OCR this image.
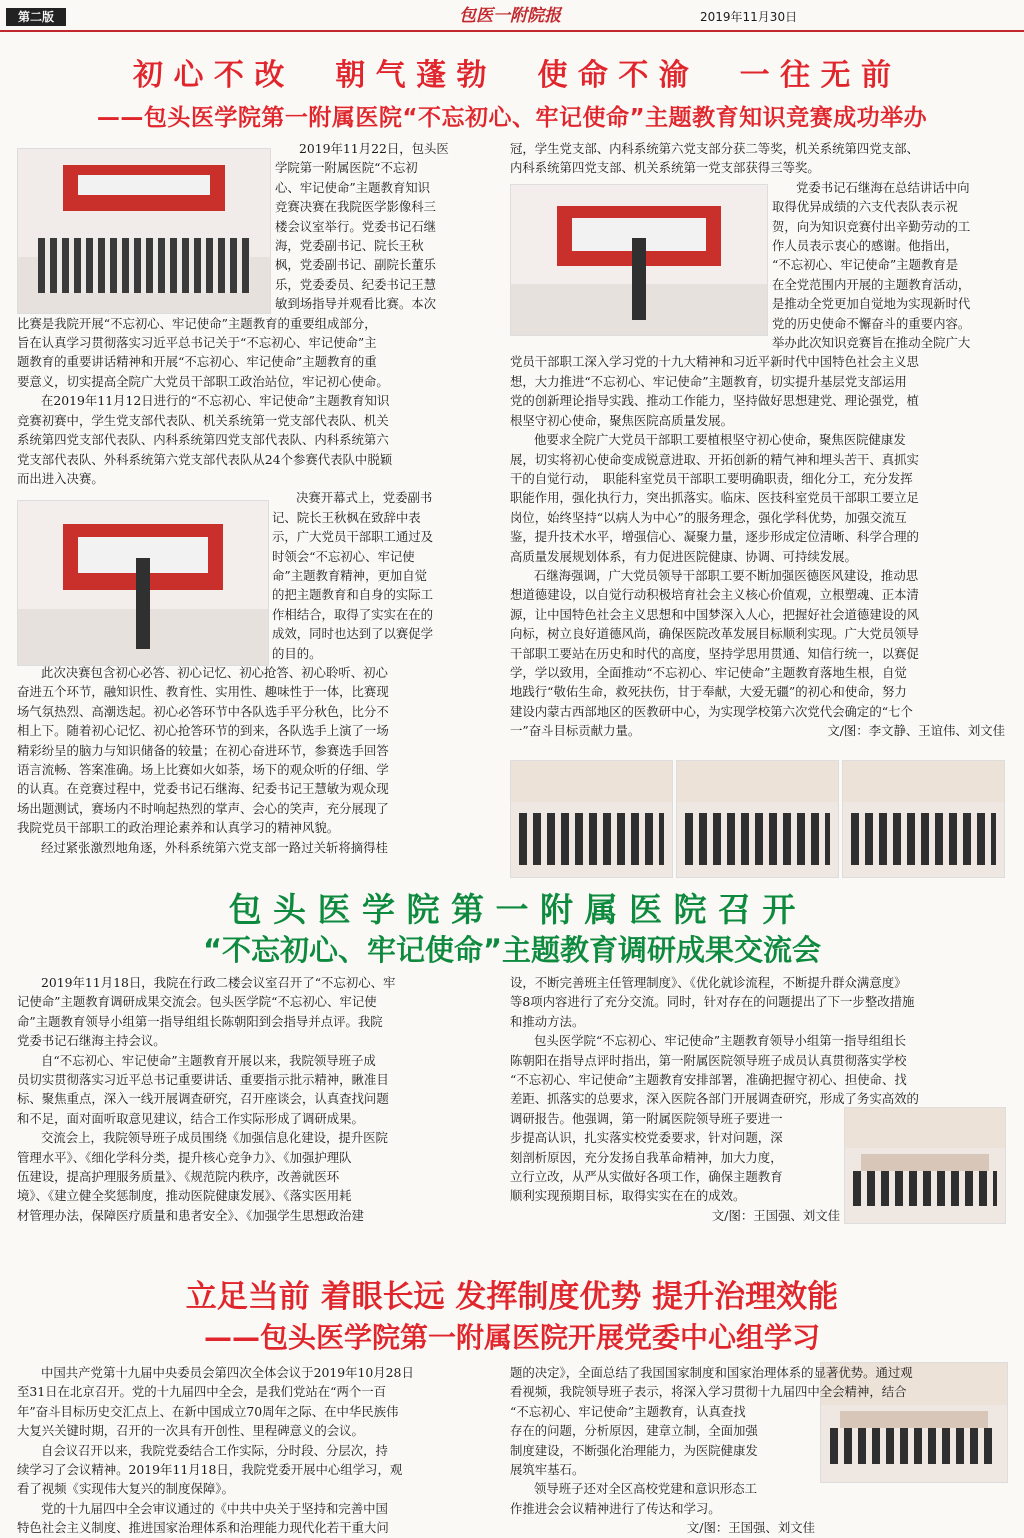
第二版	包医一附院报	2019年11月30日
初 心 不 改 　 朝 气 蓬 勃 　 使 命 不 渝 　 一 往 无 前
——包头医学院第一附属医院“不忘初心、牢记使命”主题教育知识竞赛成功举办

2019年11月22日，包头医

学院第一附属医院“不忘初

心、牢记使命”主题教育知识

竞赛决赛在我院医学影像科三

楼会议室举行。党委书记石继

海，党委副书记、院长王秋

枫，党委副书记、副院长董乐

乐，党委委员、纪委书记王慧

敏到场指导并观看比赛。本次

比赛是我院开展“不忘初心、牢记使命”主题教育的重要组成部分，

旨在认真学习贯彻落实习近平总书记关于“不忘初心、牢记使命”主

题教育的重要讲话精神和开展“不忘初心、牢记使命”主题教育的重

要意义，切实提高全院广大党员干部职工政治站位，牢记初心使命。

在2019年11月12日进行的“不忘初心、牢记使命”主题教育知识

竞赛初赛中，学生党支部代表队、机关系统第一党支部代表队、机关

系统第四党支部代表队、内科系统第四党支部代表队、内科系统第六

党支部代表队、外科系统第六党支部代表队从24个参赛代表队中脱颖

而出进入决赛。

决赛开幕式上，党委副书

记、院长王秋枫在致辞中表

示，广大党员干部职工通过及

时领会“不忘初心、牢记使

命”主题教育精神，更加自觉

的把主题教育和自身的实际工

作相结合，取得了实实在在的

成效，同时也达到了以赛促学

的目的。

此次决赛包含初心必答、初心记忆、初心抢答、初心聆听、初心

奋进五个环节，融知识性、教育性、实用性、趣味性于一体，比赛现

场气氛热烈、高潮迭起。初心必答环节中各队选手平分秋色，比分不

相上下。随着初心记忆、初心抢答环节的到来，各队选手上演了一场

精彩纷呈的脑力与知识储备的较量；在初心奋进环节，参赛选手回答

语言流畅、答案准确。场上比赛如火如荼，场下的观众听的仔细、学

的认真。在竞赛过程中，党委书记石继海、纪委书记王慧敏为观众现

场出题测试，赛场内不时响起热烈的掌声、会心的笑声，充分展现了

我院党员干部职工的政治理论素养和认真学习的精神风貌。

经过紧张激烈地角逐，外科系统第六党支部一路过关斩将摘得桂

冠，学生党支部、内科系统第六党支部分获二等奖，机关系统第四党支部、

内科系统第四党支部、机关系统第一党支部获得三等奖。

党委书记石继海在总结讲话中向

取得优异成绩的六支代表队表示祝

贺，向为知识竞赛付出辛勤劳动的工

作人员表示衷心的感谢。他指出，

“不忘初心、牢记使命”主题教育是

在全党范围内开展的主题教育活动，

是推动全党更加自觉地为实现新时代

党的历史使命不懈奋斗的重要内容。

举办此次知识竞赛旨在推动全院广大

党员干部职工深入学习党的十九大精神和习近平新时代中国特色社会主义思

想，大力推进“不忘初心、牢记使命”主题教育，切实提升基层党支部运用

党的创新理论指导实践、推动工作能力，坚持做好思想建党、理论强党，植

根坚守初心使命，聚焦医院高质量发展。

他要求全院广大党员干部职工要植根坚守初心使命，聚焦医院健康发

展，切实将初心使命变成锐意进取、开拓创新的精气神和埋头苦干、真抓实

干的自觉行动，　职能科室党员干部职工要明确职责，细化分工，充分发挥

职能作用，强化执行力，突出抓落实。临床、医技科室党员干部职工要立足

岗位，始终坚持“以病人为中心”的服务理念，强化学科优势，加强交流互

鉴，提升技术水平，增强信心、凝聚力量，逐步形成定位清晰、科学合理的

高质量发展规划体系，有力促进医院健康、协调、可持续发展。

石继海强调，广大党员领导干部职工要不断加强医德医风建设，推动思

想道德建设，以自觉行动积极培育社会主义核心价值观，立根塑魂、正本清

源，让中国特色社会主义思想和中国梦深入人心，把握好社会道德建设的风

向标，树立良好道德风尚，确保医院改革发展目标顺利实现。广大党员领导

干部职工要站在历史和时代的高度，坚持学思用贯通、知信行统一，以赛促

学，学以致用，全面推动“不忘初心、牢记使命”主题教育落地生根，自觉

地践行“敬佑生命，救死扶伤，甘于奉献，大爱无疆”的初心和使命，努力

建设内蒙古西部地区的医教研中心，为实现学校第六次党代会确定的“七个

一”奋斗目标贡献力量。	文/图：李文静、王谊伟、刘文佳

包 头 医 学 院 第 一 附 属 医 院 召 开
“不忘初心、牢记使命”主题教育调研成果交流会

2019年11月18日，我院在行政二楼会议室召开了“不忘初心、牢

记使命”主题教育调研成果交流会。包头医学院“不忘初心、牢记使

命”主题教育领导小组第一指导组组长陈朝阳到会指导并点评。我院

党委书记石继海主持会议。

自“不忘初心、牢记使命”主题教育开展以来，我院领导班子成

员切实贯彻落实习近平总书记重要讲话、重要指示批示精神，瞅准目

标、聚焦重点，深入一线开展调查研究，召开座谈会，认真查找问题

和不足，面对面听取意见建议，结合工作实际形成了调研成果。

交流会上，我院领导班子成员围绕《加强信息化建设，提升医院

管理水平》、《细化学科分类，提升核心竞争力》、《加强护理队

伍建设，提高护理服务质量》、《规范院内秩序，改善就医环

境》、《建立健全奖惩制度，推动医院健康发展》、《落实医用耗

材管理办法，保障医疗质量和患者安全》、《加强学生思想政治建

设，不断完善班主任管理制度》、《优化就诊流程，不断提升群众满意度》

等8项内容进行了充分交流。同时，针对存在的问题提出了下一步整改措施

和推动方法。

包头医学院“不忘初心、牢记使命”主题教育领导小组第一指导组组长

陈朝阳在指导点评时指出，第一附属医院领导班子成员认真贯彻落实学校

“不忘初心、牢记使命”主题教育安排部署，准确把握守初心、担使命、找

差距、抓落实的总要求，深入医院各部门开展调查研究，形成了务实高效的

调研报告。他强调，第一附属医院领导班子要进一

步提高认识，扎实落实校党委要求，针对问题，深

刻剖析原因，充分发扬自我革命精神，加大力度，

立行立改，从严从实做好各项工作，确保主题教育

顺利实现预期目标，取得实实在在的成效。

文/图：王国强、刘文佳

立足当前 着眼长远 发挥制度优势 提升治理效能
——包头医学院第一附属医院开展党委中心组学习

中国共产党第十九届中央委员会第四次全体会议于2019年10月28日

至31日在北京召开。党的十九届四中全会，是我们党站在“两个一百

年”奋斗目标历史交汇点上、在新中国成立70周年之际、在中华民族伟

大复兴关键时期，召开的一次具有开创性、里程碑意义的会议。

自会议召开以来，我院党委结合工作实际，分时段、分层次，持

续学习了会议精神。2019年11月18日，我院党委开展中心组学习，观

看了视频《实现伟大复兴的制度保障》。

党的十九届四中全会审议通过的《中共中央关于坚持和完善中国

特色社会主义制度、推进国家治理体系和治理能力现代化若干重大问

题的决定》，全面总结了我国国家制度和国家治理体系的显著优势。通过观

看视频，我院领导班子表示，将深入学习贯彻十九届四中全会精神，结合

“不忘初心、牢记使命”主题教育，认真查找

存在的问题，分析原因，建章立制，全面加强

制度建设，不断强化治理能力，为医院健康发

展筑牢基石。

领导班子还对全区高校党建和意识形态工

作推进会会议精神进行了传达和学习。

文/图：王国强、刘文佳
